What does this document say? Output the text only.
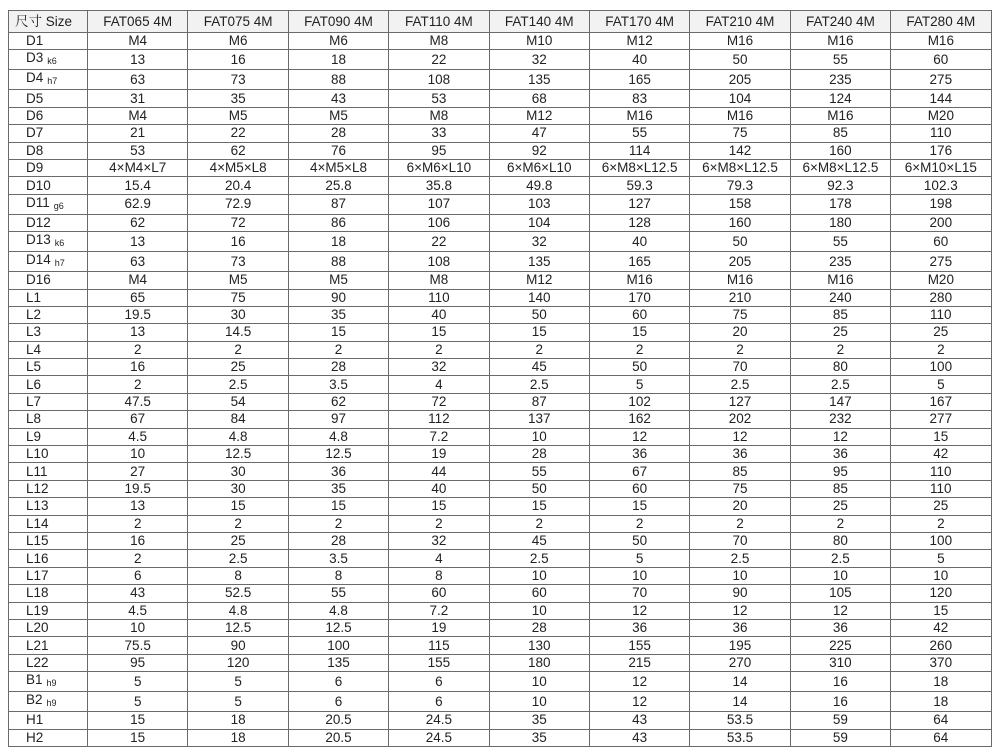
尺寸 Size	FAT065 4M	FAT075 4M	FAT090 4M	FAT110 4M	FAT140 4M	FAT170 4M	FAT210 4M	FAT240 4M	FAT280 4M
D1	M4	M6	M6	M8	M10	M12	M16	M16	M16
D3 $_{k6}$	13	16	18	22	32	40	50	55	60
D4 $_{h7}$	63	73	88	108	135	165	205	235	275
D5	31	35	43	53	68	83	104	124	144
D6	M4	M5	M5	M8	M12	M16	M16	M16	M20
D7	21	22	28	33	47	55	75	85	110
D8	53	62	76	95	92	114	142	160	176
D9	4×M4×L7	4×M5×L8	4×M5×L8	6×M6×L10	6×M6×L10	6×M8×L12.5	6×M8×L12.5	6×M8×L12.5	6×M10×L15
D10	15.4	20.4	25.8	35.8	49.8	59.3	79.3	92.3	102.3
D11 $_{g6}$	62.9	72.9	87	107	103	127	158	178	198
D12	62	72	86	106	104	128	160	180	200
D13 $_{k6}$	13	16	18	22	32	40	50	55	60
D14 $_{h7}$	63	73	88	108	135	165	205	235	275
D16	M4	M5	M5	M8	M12	M16	M16	M16	M20
L1	65	75	90	110	140	170	210	240	280
L2	19.5	30	35	40	50	60	75	85	110
L3	13	14.5	15	15	15	15	20	25	25
L4	2	2	2	2	2	2	2	2	2
L5	16	25	28	32	45	50	70	80	100
L6	2	2.5	3.5	4	2.5	5	2.5	2.5	5
L7	47.5	54	62	72	87	102	127	147	167
L8	67	84	97	112	137	162	202	232	277
L9	4.5	4.8	4.8	7.2	10	12	12	12	15
L10	10	12.5	12.5	19	28	36	36	36	42
L11	27	30	36	44	55	67	85	95	110
L12	19.5	30	35	40	50	60	75	85	110
L13	13	15	15	15	15	15	20	25	25
L14	2	2	2	2	2	2	2	2	2
L15	16	25	28	32	45	50	70	80	100
L16	2	2.5	3.5	4	2.5	5	2.5	2.5	5
L17	6	8	8	8	10	10	10	10	10
L18	43	52.5	55	60	60	70	90	105	120
L19	4.5	4.8	4.8	7.2	10	12	12	12	15
L20	10	12.5	12.5	19	28	36	36	36	42
L21	75.5	90	100	115	130	155	195	225	260
L22	95	120	135	155	180	215	270	310	370
B1 $_{h9}$	5	5	6	6	10	12	14	16	18
B2 $_{h9}$	5	5	6	6	10	12	14	16	18
H1	15	18	20.5	24.5	35	43	53.5	59	64
H2	15	18	20.5	24.5	35	43	53.5	59	64
